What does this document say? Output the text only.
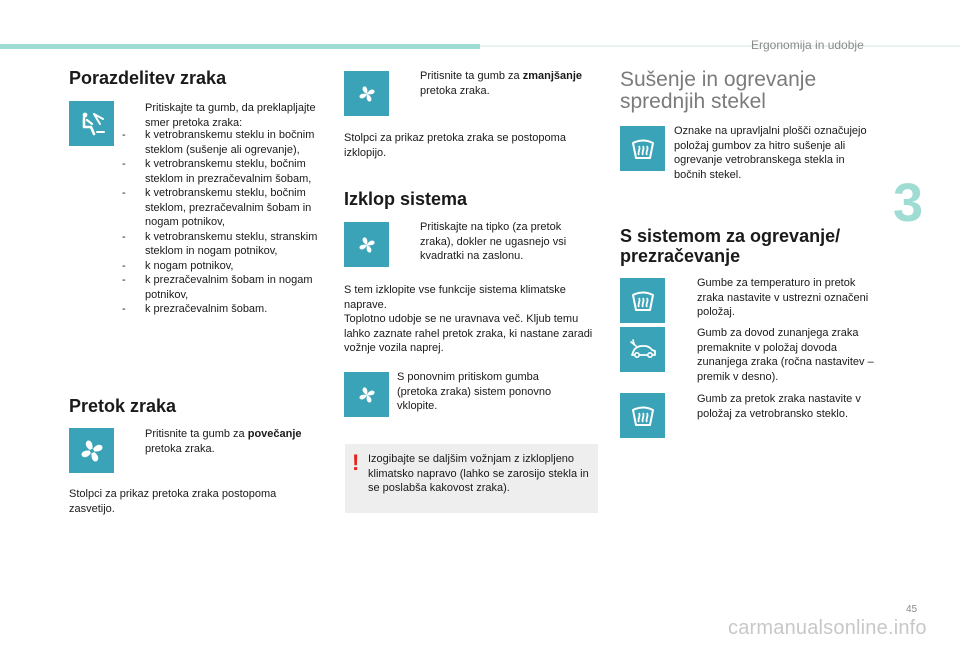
Ergonomija in udobje
3
45
carmanualsonline.info
Porazdelitev zraka
Pritiskajte ta gumb, da preklapljajte smer pretoka zraka:
- k vetrobranskemu steklu in bočnim steklom (sušenje ali ogrevanje),
- k vetrobranskemu steklu, bočnim steklom in prezračevalnim šobam,
- k vetrobranskemu steklu, bočnim steklom, prezračevalnim šobam in nogam potnikov,
- k vetrobranskemu steklu, stranskim steklom in nogam potnikov,
- k nogam potnikov,
- k prezračevalnim šobam in nogam potnikov,
- k prezračevalnim šobam.
Pretok zraka
Pritisnite ta gumb za povečanje pretoka zraka.
Stolpci za prikaz pretoka zraka postopoma zasvetijo.
Pritisnite ta gumb za zmanjšanje pretoka zraka.
Stolpci za prikaz pretoka zraka se postopoma izklopijo.
Izklop sistema
Pritiskajte na tipko (za pretok zraka), dokler ne ugasnejo vsi kvadratki na zaslonu.
S tem izklopite vse funkcije sistema klimatske naprave.
Toplotno udobje se ne uravnava več. Kljub temu lahko zaznate rahel pretok zraka, ki nastane zaradi vožnje vozila naprej.
S ponovnim pritiskom gumba (pretoka zraka) sistem ponovno vklopite.
! Izogibajte se daljšim vožnjam z izklopljeno klimatsko napravo (lahko se zarosijo stekla in se poslabša kakovost zraka).
Sušenje in ogrevanje
sprednjih stekel
Oznake na upravljalni plošči označujejo položaj gumbov za hitro sušenje ali ogrevanje vetrobranskega stekla in bočnih stekel.
S sistemom za ogrevanje/
prezračevanje
Gumbe za temperaturo in pretok zraka nastavite v ustrezni označeni položaj.
Gumb za dovod zunanjega zraka premaknite v položaj dovoda zunanjega zraka (ročna nastavitev – premik v desno).
Gumb za pretok zraka nastavite v položaj za vetrobransko steklo.
